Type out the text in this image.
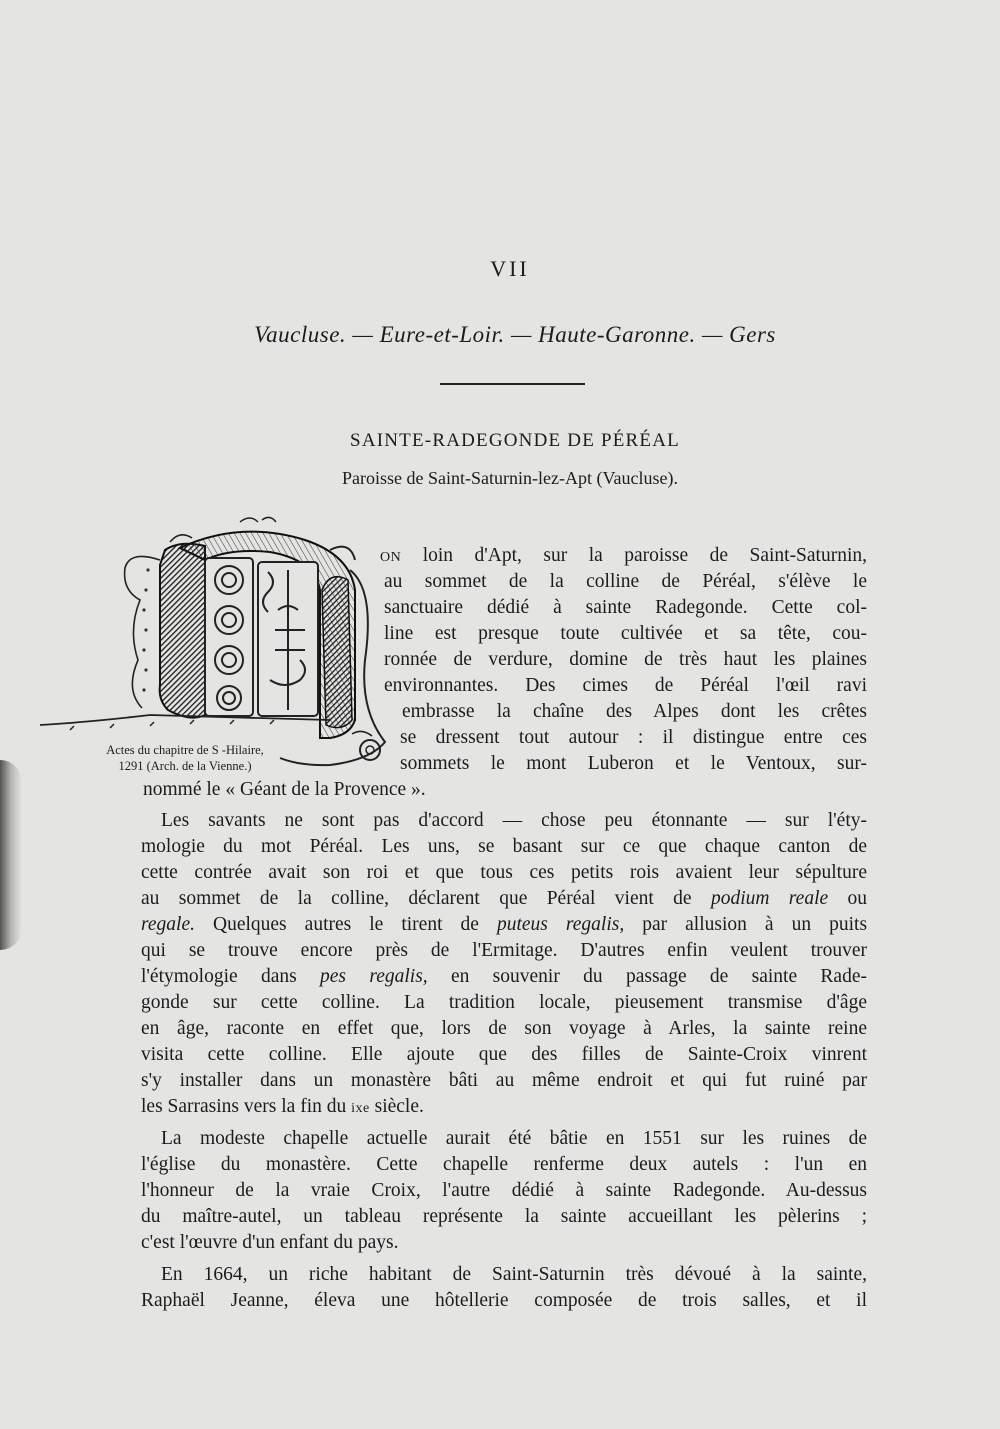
VII
Vaucluse. — Eure-et-Loir. — Haute-Garonne. — Gers
SAINTE-RADEGONDE DE PÉRÉAL
Paroisse de Saint-Saturnin-lez-Apt (Vaucluse).
Actes du chapitre de S -Hilaire,
1291 (Arch. de la Vienne.)
ON loin d'Apt, sur la paroisse de Saint-Saturnin,
au sommet de la colline de Péréal, s'élève le
sanctuaire dédié à sainte Radegonde. Cette col-
line est presque toute cultivée et sa tête, cou-
ronnée de verdure, domine de très haut les plaines
environnantes. Des cimes de Péréal l'œil ravi
embrasse la chaîne des Alpes dont les crêtes
se dressent tout autour : il distingue entre ces
sommets le mont Luberon et le Ventoux, sur-
nommé le « Géant de la Provence ».
Les savants ne sont pas d'accord — chose peu étonnante — sur l'éty-
mologie du mot Péréal. Les uns, se basant sur ce que chaque canton de
cette contrée avait son roi et que tous ces petits rois avaient leur sépulture
au sommet de la colline, déclarent que Péréal vient de podium reale ou
regale. Quelques autres le tirent de puteus regalis, par allusion à un puits
qui se trouve encore près de l'Ermitage. D'autres enfin veulent trouver
l'étymologie dans pes regalis, en souvenir du passage de sainte Rade-
gonde sur cette colline. La tradition locale, pieusement transmise d'âge
en âge, raconte en effet que, lors de son voyage à Arles, la sainte reine
visita cette colline. Elle ajoute que des filles de Sainte-Croix vinrent
s'y installer dans un monastère bâti au même endroit et qui fut ruiné par
les Sarrasins vers la fin du ixe siècle.
La modeste chapelle actuelle aurait été bâtie en 1551 sur les ruines de
l'église du monastère. Cette chapelle renferme deux autels : l'un en
l'honneur de la vraie Croix, l'autre dédié à sainte Radegonde. Au-dessus
du maître-autel, un tableau représente la sainte accueillant les pèlerins ;
c'est l'œuvre d'un enfant du pays.
En 1664, un riche habitant de Saint-Saturnin très dévoué à la sainte,
Raphaël Jeanne, éleva une hôtellerie composée de trois salles, et il
